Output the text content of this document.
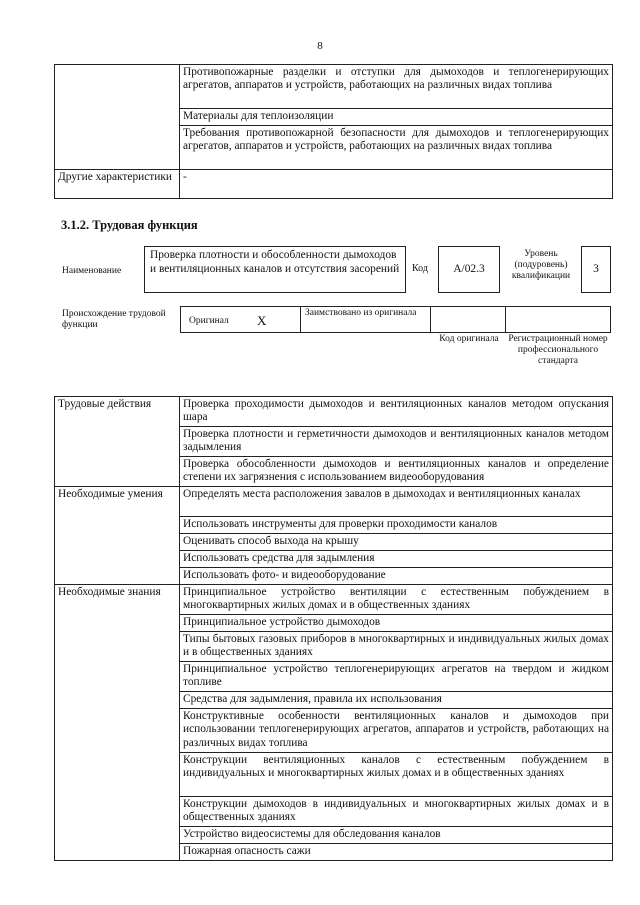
8
	Противопожарные разделки и отступки для дымоходов и теплогенерирующих агрегатов, аппаратов и устройств, работающих на различных видах топлива
	Материалы для теплоизоляции
	Требования противопожарной безопасности для дымоходов и теплогенерирующих агрегатов, аппаратов и устройств, работающих на различных видах топлива
Другие характеристики	-
3.1.2. Трудовая функция
Наименование
Проверка плотности и обособленности дымоходов и вентиляционных каналов и отсутствия засорений	Код	А/02.3
Уровень (подуровень) квалификации
3
Происхождение трудовой функции	Оригинал X	Заимствовано из оригинала
Код оригинала Регистрационный номер профессионального стандарта
Трудовые действия	Проверка проходимости дымоходов и вентиляционных каналов методом опускания шара
	Проверка плотности и герметичности дымоходов и вентиляционных каналов методом задымления
	Проверка обособленности дымоходов и вентиляционных каналов и определение степени их загрязнения с использованием видеооборудования
Необходимые умения	Определять места расположения завалов в дымоходах и вентиляционных каналах
	Использовать инструменты для проверки проходимости каналов
	Оценивать способ выхода на крышу
	Использовать средства для задымления
	Использовать фото- и видеооборудование
Необходимые знания	Принципиальное устройство вентиляции с естественным побуждением в многоквартирных жилых домах и в общественных зданиях
	Принципиальное устройство дымоходов
	Типы бытовых газовых приборов в многоквартирных и индивидуальных жилых домах и в общественных зданиях
	Принципиальное устройство теплогенерирующих агрегатов на твердом и жидком топливе
	Средства для задымления, правила их использования
	Конструктивные особенности вентиляционных каналов и дымоходов при использовании теплогенерирующих агрегатов, аппаратов и устройств, работающих на различных видах топлива
	Конструкции вентиляционных каналов с естественным побуждением в индивидуальных и многоквартирных жилых домах и в общественных зданиях
	Конструкции дымоходов в индивидуальных и многоквартирных жилых домах и в общественных зданиях
	Устройство видеосистемы для обследования каналов
	Пожарная опасность сажи
